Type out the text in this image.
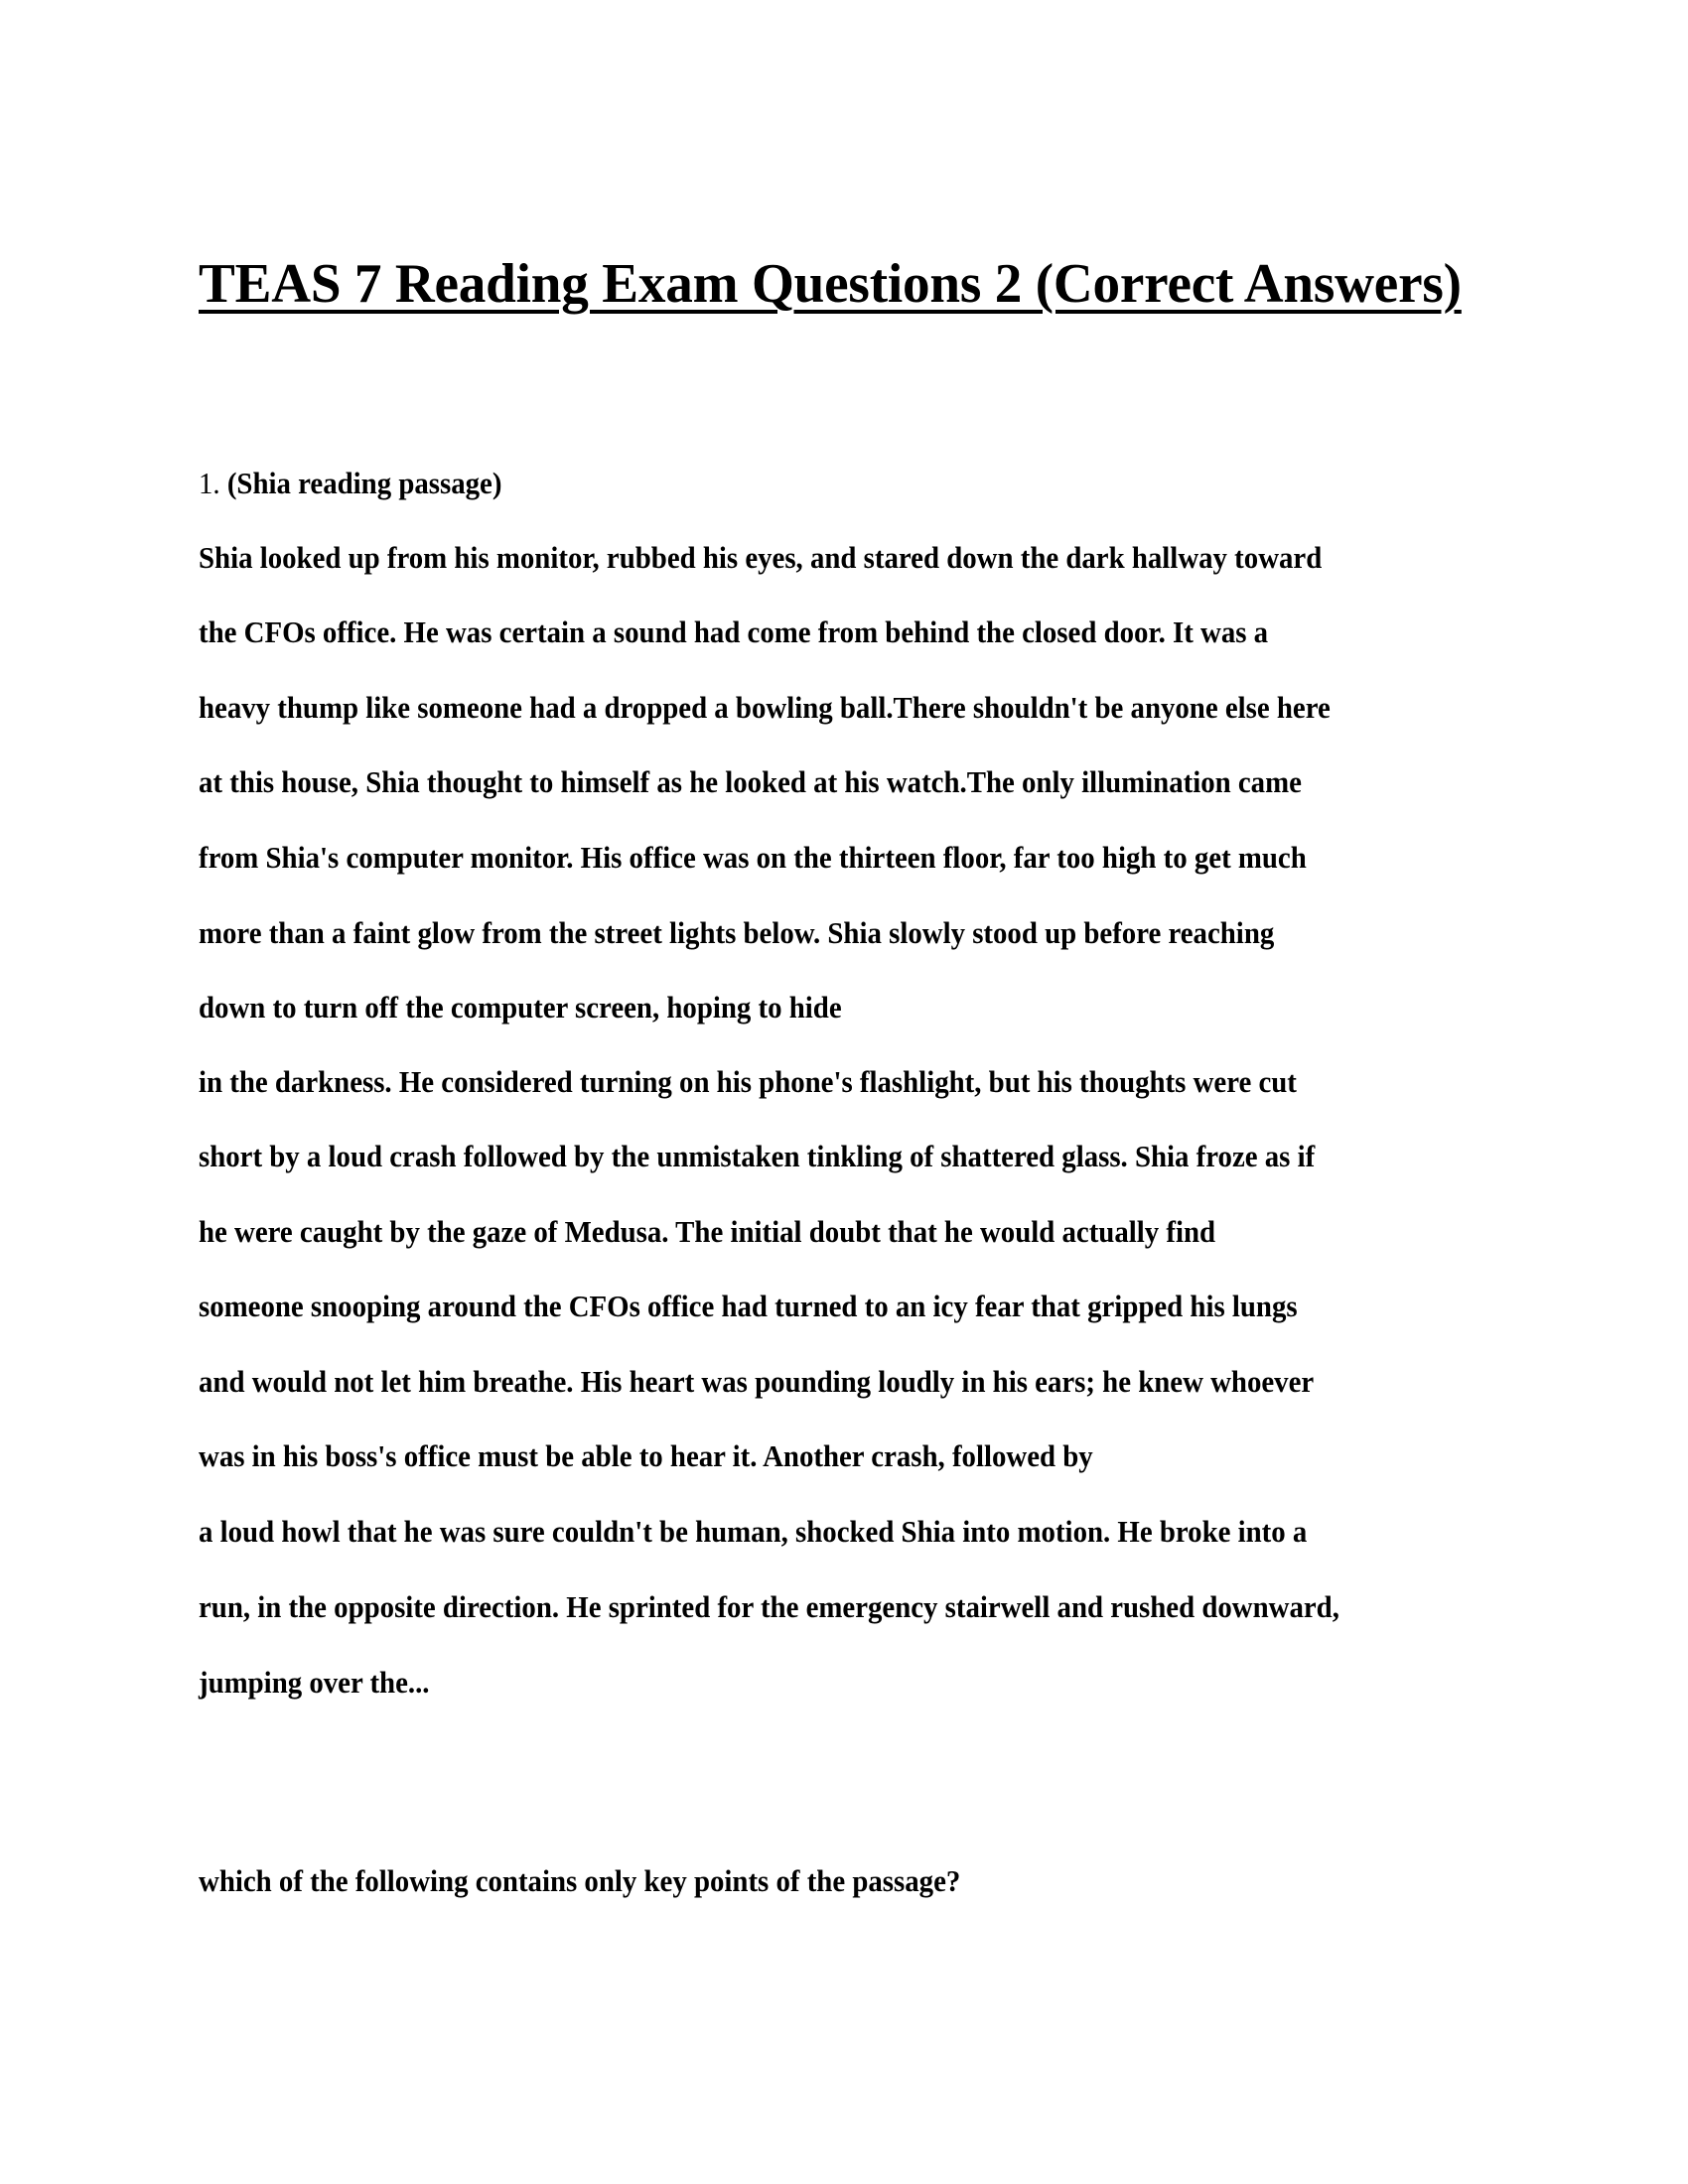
TEAS 7 Reading Exam Questions 2 (Correct Answers)
1. (Shia reading passage)
Shia looked up from his monitor, rubbed his eyes, and stared down the dark hallway toward
the CFOs office. He was certain a sound had come from behind the closed door. It was a
heavy thump like someone had a dropped a bowling ball.There shouldn't be anyone else here
at this house, Shia thought to himself as he looked at his watch.The only illumination came
from Shia's computer monitor. His office was on the thirteen floor, far too high to get much
more than a faint glow from the street lights below. Shia slowly stood up before reaching
down to turn off the computer screen, hoping to hide
in the darkness. He considered turning on his phone's flashlight, but his thoughts were cut
short by a loud crash followed by the unmistaken tinkling of shattered glass. Shia froze as if
he were caught by the gaze of Medusa. The initial doubt that he would actually find
someone snooping around the CFOs office had turned to an icy fear that gripped his lungs
and would not let him breathe. His heart was pounding loudly in his ears; he knew whoever
was in his boss's office must be able to hear it. Another crash, followed by
a loud howl that he was sure couldn't be human, shocked Shia into motion. He broke into a
run, in the opposite direction. He sprinted for the emergency stairwell and rushed downward,
jumping over the...
which of the following contains only key points of the passage?
